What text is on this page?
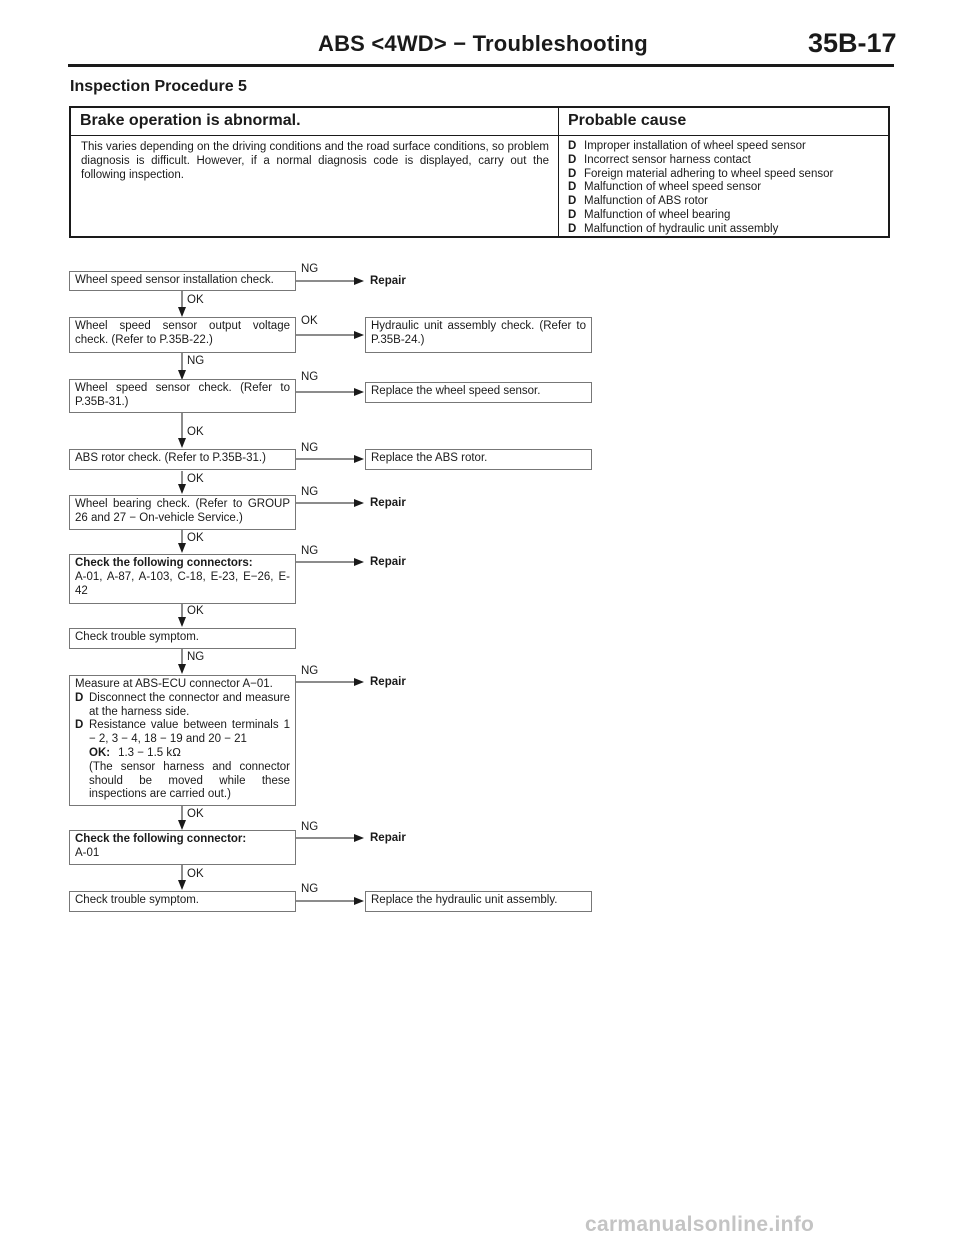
ABS <4WD> − Troubleshooting	35B-17
Inspection Procedure 5
Brake operation is abnormal.	Probable cause
This varies depending on the driving conditions and the road surface conditions, so problem diagnosis is difficult. However, if a normal diagnosis code is displayed, carry out the following inspection.
D Improper installation of wheel speed sensor
D Incorrect sensor harness contact
D Foreign material adhering to wheel speed sensor
D Malfunction of wheel speed sensor
D Malfunction of ABS rotor
D Malfunction of wheel bearing
D Malfunction of hydraulic unit assembly
Wheel speed sensor installation check.
NG
Repair
OK
Wheel speed sensor output voltage check. (Refer to P.35B-22.)
OK	Hydraulic unit assembly check. (Refer to P.35B-24.)
NG
Wheel speed sensor check. (Refer to P.35B-31.)
NG
Replace the wheel speed sensor.
OK
ABS rotor check. (Refer to P.35B-31.)
NG
Replace the ABS rotor.
OK
Wheel bearing check. (Refer to GROUP 26 and 27 − On-vehicle Service.)
NG
Repair
OK
Check the following connectors:
A-01, A-87, A-103, C-18, E-23, E−26, E-42
NG
Repair
OK
Check trouble symptom.
NG
Measure at ABS-ECU connector A−01.
D Disconnect the connector and measure at the harness side.
D Resistance value between terminals 1 − 2, 3 − 4, 18 − 19 and 20 − 21
OK: 1.3 − 1.5 kΩ
(The sensor harness and connector should be moved while these inspections are carried out.)
NG
Repair
OK
Check the following connector:
A-01
NG
Repair
OK
Check trouble symptom.
NG
Replace the hydraulic unit assembly.
carmanualsonline.info
